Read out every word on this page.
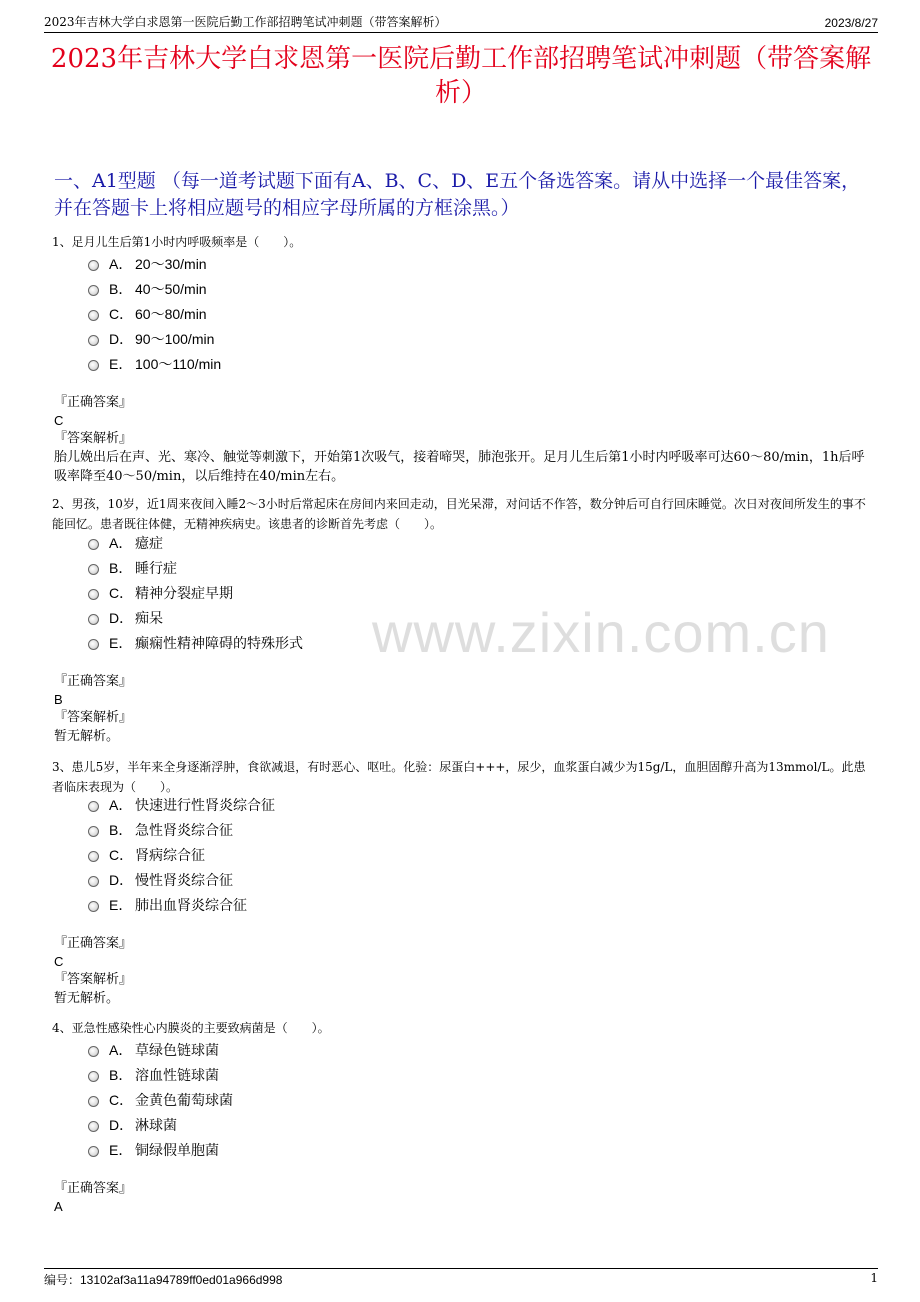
2023年吉林大学白求恩第一医院后勤工作部招聘笔试冲刺题（带答案解析）	2023/8/27
2023年吉林大学白求恩第一医院后勤工作部招聘笔试冲刺题（带答案解析）
一、A1型题 （每一道考试题下面有A、B、C、D、E五个备选答案。请从中选择一个最佳答案，并在答题卡上将相应题号的相应字母所属的方框涂黑。）
1、足月儿生后第1小时内呼吸频率是（　　）。
A． 20～30/min
B． 40～50/min
C． 60～80/min
D． 90～100/min
E． 100～110/min
『正确答案』
C
『答案解析』
胎儿娩出后在声、光、寒冷、触觉等刺激下，开始第1次吸气，接着啼哭，肺泡张开。足月儿生后第1小时内呼吸率可达60～80/min，1h后呼吸率降至40～50/min，以后维持在40/min左右。
2、男孩，10岁，近1周来夜间入睡2～3小时后常起床在房间内来回走动，目光呆滞，对问话不作答，数分钟后可自行回床睡觉。次日对夜间所发生的事不能回忆。患者既往体健，无精神疾病史。该患者的诊断首先考虑（　　）。
A． 癔症
B． 睡行症
C． 精神分裂症早期
D． 痴呆
E． 癫痫性精神障碍的特殊形式
『正确答案』
B
『答案解析』
暂无解析。
3、患儿5岁，半年来全身逐渐浮肿，食欲减退，有时恶心、呕吐。化验：尿蛋白+++，尿少，血浆蛋白减少为15g/L，血胆固醇升高为13mmol/L。此患者临床表现为（　　）。
A． 快速进行性肾炎综合征
B． 急性肾炎综合征
C． 肾病综合征
D． 慢性肾炎综合征
E． 肺出血肾炎综合征
『正确答案』
C
『答案解析』
暂无解析。
4、亚急性感染性心内膜炎的主要致病菌是（　　）。
A． 草绿色链球菌
B． 溶血性链球菌
C． 金黄色葡萄球菌
D． 淋球菌
E． 铜绿假单胞菌
『正确答案』
A
www.zixin.com.cn
编号：13102af3a11a94789ff0ed01a966d998	1
